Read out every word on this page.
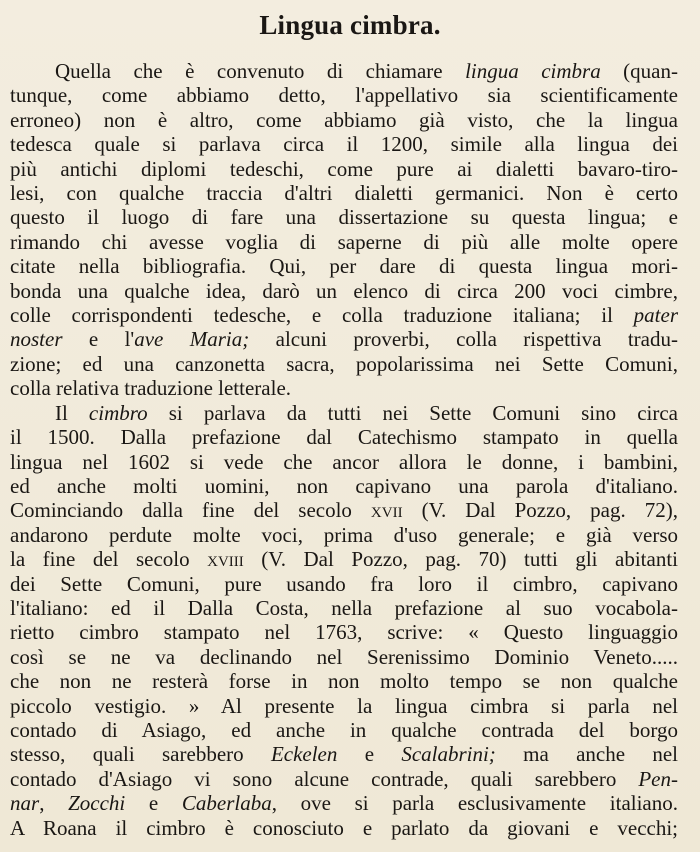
Lingua cimbra.
Quella che è convenuto di chiamare lingua cimbra (quan-
tunque, come abbiamo detto, l'appellativo sia scientificamente
erroneo) non è altro, come abbiamo già visto, che la lingua
tedesca quale si parlava circa il 1200, simile alla lingua dei
più antichi diplomi tedeschi, come pure ai dialetti bavaro-tiro-
lesi, con qualche traccia d'altri dialetti germanici. Non è certo
questo il luogo di fare una dissertazione su questa lingua; e
rimando chi avesse voglia di saperne di più alle molte opere
citate nella bibliografia. Qui, per dare di questa lingua mori-
bonda una qualche idea, darò un elenco di circa 200 voci cimbre,
colle corrispondenti tedesche, e colla traduzione italiana; il pater
noster e l'ave Maria; alcuni proverbi, colla rispettiva tradu-
zione; ed una canzonetta sacra, popolarissima nei Sette Comuni,
colla relativa traduzione letterale.
Il cimbro si parlava da tutti nei Sette Comuni sino circa
il 1500. Dalla prefazione dal Catechismo stampato in quella
lingua nel 1602 si vede che ancor allora le donne, i bambini,
ed anche molti uomini, non capivano una parola d'italiano.
Cominciando dalla fine del secolo xvii (V. Dal Pozzo, pag. 72),
andarono perdute molte voci, prima d'uso generale; e già verso
la fine del secolo xviii (V. Dal Pozzo, pag. 70) tutti gli abitanti
dei Sette Comuni, pure usando fra loro il cimbro, capivano
l'italiano: ed il Dalla Costa, nella prefazione al suo vocabola-
rietto cimbro stampato nel 1763, scrive: « Questo linguaggio
così se ne va declinando nel Serenissimo Dominio Veneto.....
che non ne resterà forse in non molto tempo se non qualche
piccolo vestigio. » Al presente la lingua cimbra si parla nel
contado di Asiago, ed anche in qualche contrada del borgo
stesso, quali sarebbero Eckelen e Scalabrini; ma anche nel
contado d'Asiago vi sono alcune contrade, quali sarebbero Pen-
nar, Zocchi e Caberlaba, ove si parla esclusivamente italiano.
A Roana il cimbro è conosciuto e parlato da giovani e vecchi;
